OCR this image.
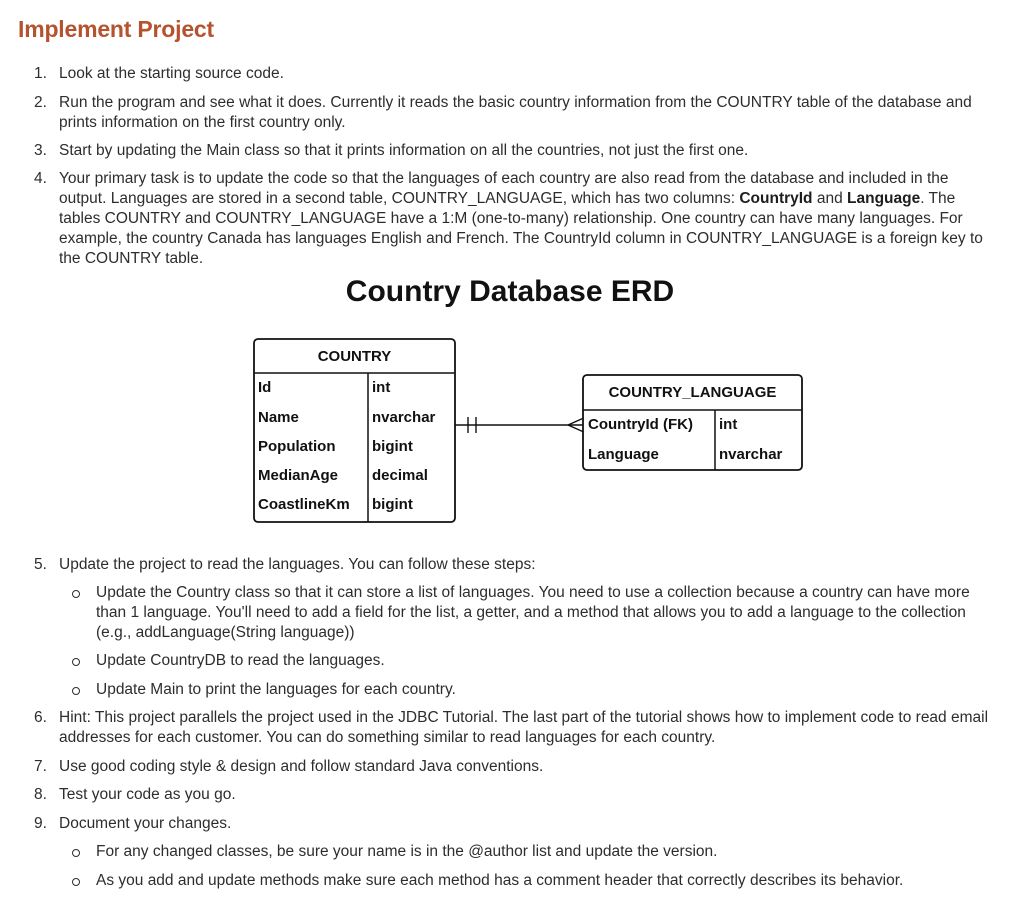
Implement Project
1. Look at the starting source code.
2. Run the program and see what it does. Currently it reads the basic country information from the COUNTRY table of the database and prints information on the first country only.
3. Start by updating the Main class so that it prints information on all the countries, not just the first one.
4. Your primary task is to update the code so that the languages of each country are also read from the database and included in the output. Languages are stored in a second table, COUNTRY_LANGUAGE, which has two columns: CountryId and Language. The tables COUNTRY and COUNTRY_LANGUAGE have a 1:M (one-to-many) relationship. One country can have many languages. For example, the country Canada has languages English and French. The CountryId column in COUNTRY_LANGUAGE is a foreign key to the COUNTRY table.
Country Database ERD
COUNTRY
Id	int
Name	nvarchar
Population bigint
MedianAge decimal
CoastlineKm bigint
COUNTRY_LANGUAGE
CountryId (FK) int
Language	nvarchar
5. Update the project to read the languages. You can follow these steps:
Update the Country class so that it can store a list of languages. You need to use a collection because a country can have more than 1 language. You'll need to add a field for the list, a getter, and a method that allows you to add a language to the collection (e.g., addLanguage(String language))
Update CountryDB to read the languages.
Update Main to print the languages for each country.
6. Hint: This project parallels the project used in the JDBC Tutorial. The last part of the tutorial shows how to implement code to read email addresses for each customer. You can do something similar to read languages for each country.
7. Use good coding style & design and follow standard Java conventions.
8. Test your code as you go.
9. Document your changes.
For any changed classes, be sure your name is in the @author list and update the version.
As you add and update methods make sure each method has a comment header that correctly describes its behavior.
